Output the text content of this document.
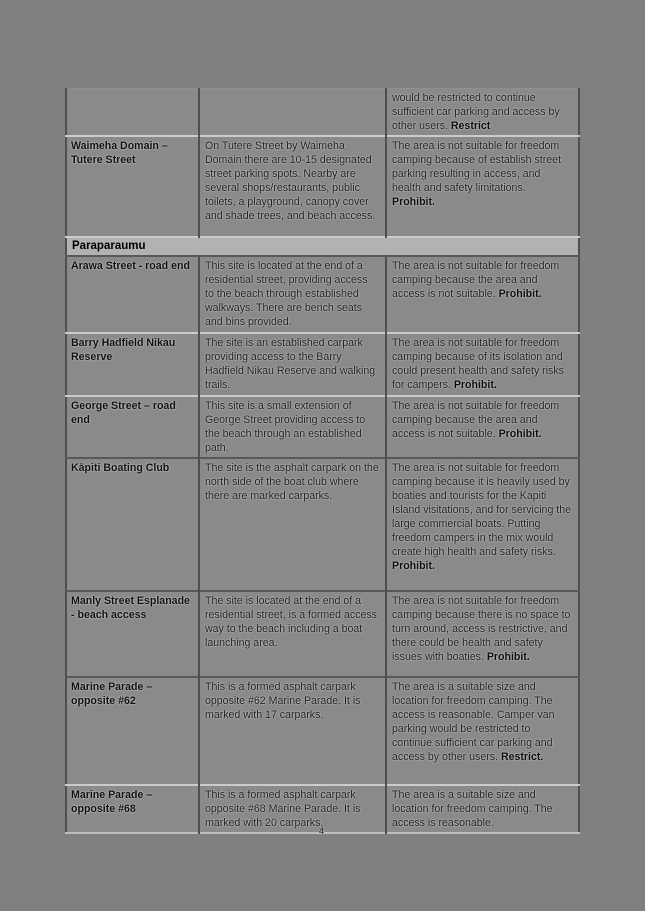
		would be restricted to continue sufficient car parking and access by other users. Restrict
Waimeha Domain – Tutere Street	On Tutere Street by Waimeha Domain there are 10-15 designated street parking spots. Nearby are several shops/restaurants, public toilets, a playground, canopy cover and shade trees, and beach access.	The area is not suitable for freedom camping because of establish street parking resulting in access, and health and safety limitations.  Prohibit.
Paraparaumu		
Arawa Street - road end	This site is located at the end of a residential street, providing access to the beach through established walkways. There are bench seats and bins provided.	The area is not suitable for freedom camping because the area and access is not suitable. Prohibit.
Barry Hadfield Nikau Reserve	The site is an established carpark providing access to the Barry Hadfield Nikau Reserve and walking trails.	The area is not suitable for freedom camping because of its isolation and could present health and safety risks for campers. Prohibit.
George Street – road end	This site is a small extension of George Street providing access to the beach through an established path.	The area is not suitable for freedom camping because the area and access is not suitable. Prohibit.
Kāpiti Boating Club	The site is the asphalt carpark on the north side of the boat club where there are marked carparks.	The area is not suitable for freedom camping because it is heavily used by boaties and tourists for the Kapiti Island visitations, and for servicing the large commercial boats. Putting freedom campers in the mix would create high health and safety risks.  Prohibit.
Manly Street Esplanade - beach access	The site is located at the end of a residential street, is a formed access way to the beach including a boat launching area.	The area is not suitable for freedom camping because there is no space to turn around, access is restrictive, and there could be health and safety issues with boaties. Prohibit.
Marine Parade – opposite #62	This is a formed asphalt carpark opposite #62 Marine Parade. It is marked with 17 carparks.	The area is a suitable size and location for freedom camping. The access is reasonable. Camper van parking would be restricted to continue sufficient car parking and access by other users. Restrict.
Marine Parade – opposite #68	This is a formed asphalt carpark opposite #68 Marine Parade. It is marked with 20 carparks.	The area is a suitable size and location for freedom camping. The access is reasonable.
4
